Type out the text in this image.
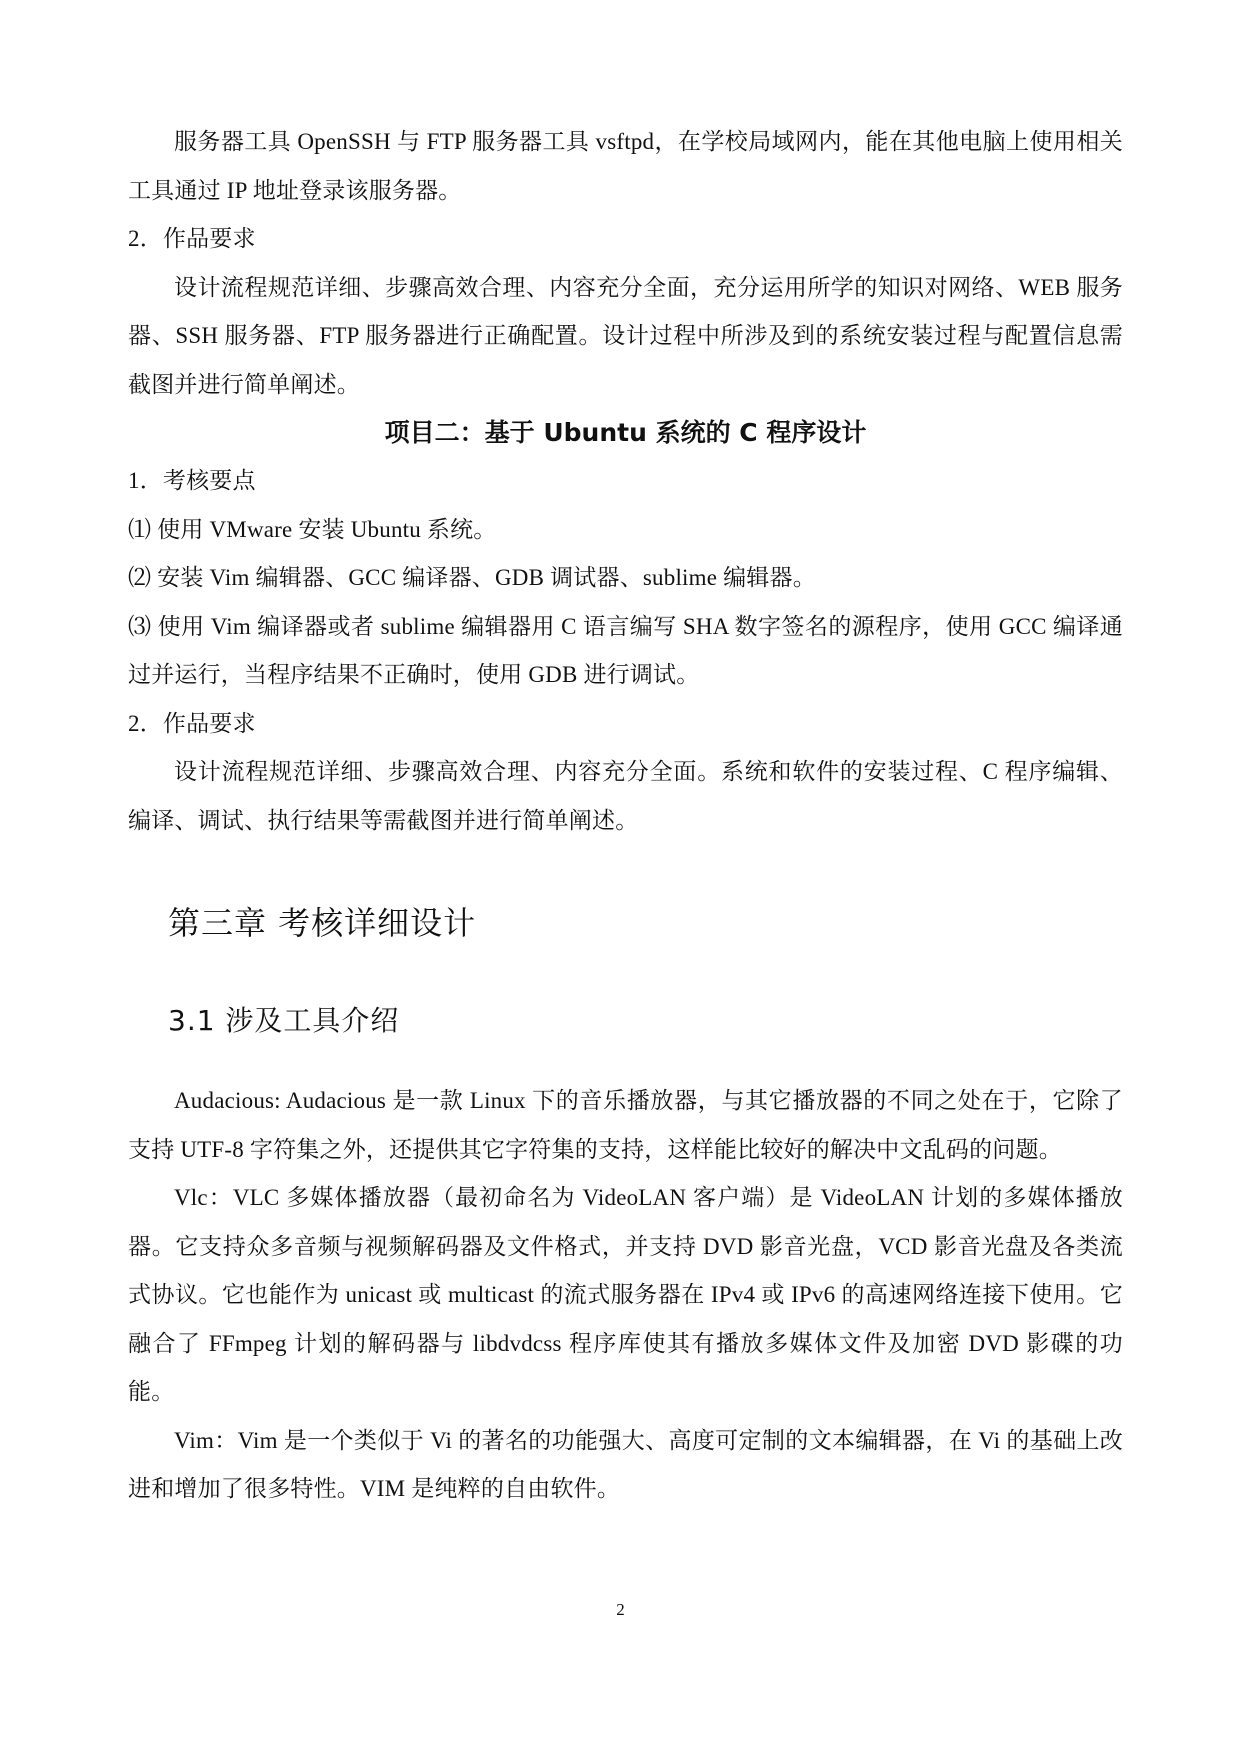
服务器工具 OpenSSH 与 FTP 服务器工具 vsftpd，在学校局域网内，能在其他电脑上使用相关工具通过 IP 地址登录该服务器。

2．作品要求

设计流程规范详细、步骤高效合理、内容充分全面，充分运用所学的知识对网络、WEB 服务器、SSH 服务器、FTP 服务器进行正确配置。设计过程中所涉及到的系统安装过程与配置信息需截图并进行简单阐述。

项目二：基于 Ubuntu 系统的 C 程序设计

1．考核要点

⑴ 使用 VMware 安装 Ubuntu 系统。

⑵ 安装 Vim 编辑器、GCC 编译器、GDB 调试器、sublime 编辑器。

⑶ 使用 Vim 编译器或者 sublime 编辑器用 C 语言编写 SHA 数字签名的源程序，使用 GCC 编译通过并运行，当程序结果不正确时，使用 GDB 进行调试。

2．作品要求

设计流程规范详细、步骤高效合理、内容充分全面。系统和软件的安装过程、C 程序编辑、编译、调试、执行结果等需截图并进行简单阐述。

第三章 考核详细设计
3.1 涉及工具介绍

Audacious: Audacious 是一款 Linux 下的音乐播放器，与其它播放器的不同之处在于，它除了支持 UTF-8 字符集之外，还提供其它字符集的支持，这样能比较好的解决中文乱码的问题。

Vlc：VLC 多媒体播放器（最初命名为 VideoLAN 客户端）是 VideoLAN 计划的多媒体播放器。它支持众多音频与视频解码器及文件格式，并支持 DVD 影音光盘，VCD 影音光盘及各类流式协议。它也能作为 unicast 或 multicast 的流式服务器在 IPv4 或 IPv6 的高速网络连接下使用。它融合了 FFmpeg 计划的解码器与 libdvdcss 程序库使其有播放多媒体文件及加密 DVD 影碟的功能。

Vim：Vim 是一个类似于 Vi 的著名的功能强大、高度可定制的文本编辑器，在 Vi 的基础上改进和增加了很多特性。VIM 是纯粹的自由软件。

2
